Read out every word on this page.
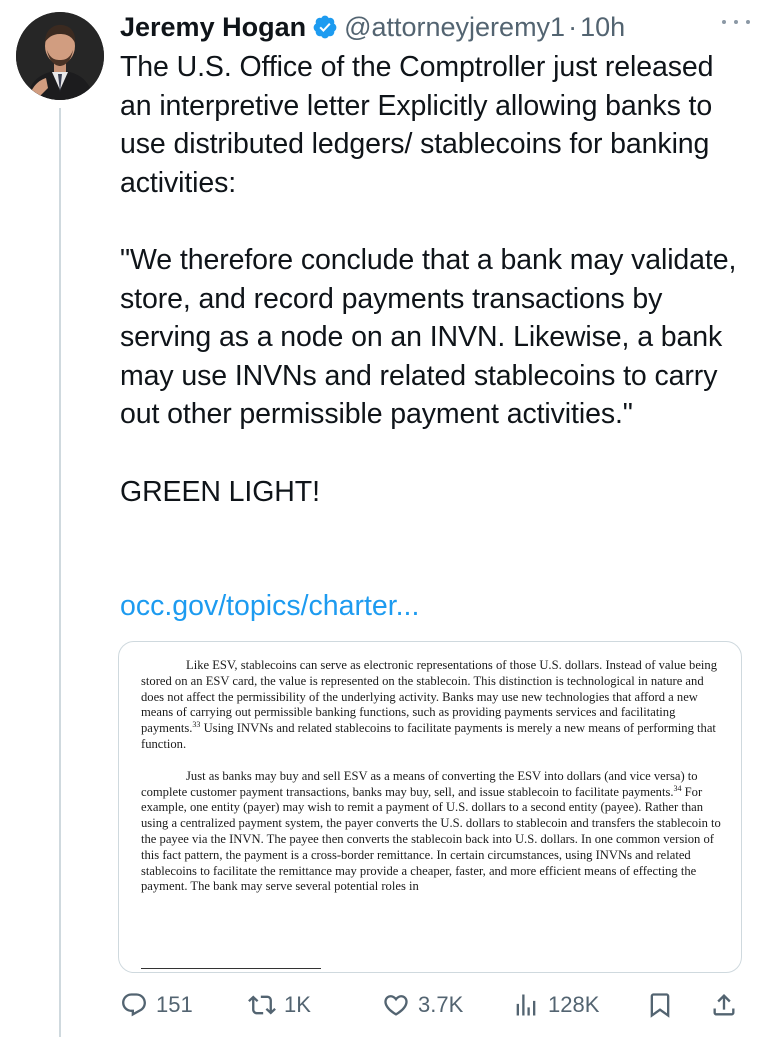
Jeremy Hogan @attorneyjeremy1 · 10h

The U.S. Office of the Comptroller just released an interpretive letter Explicitly allowing banks to use distributed ledgers/ stablecoins for banking activities:

"We therefore conclude that a bank may validate, store, and record payments transactions by serving as a node on an INVN. Likewise, a bank may use INVNs and related stablecoins to carry out other permissible payment activities."

GREEN LIGHT!

occ.gov/topics/charter...

Like ESV, stablecoins can serve as electronic representations of those U.S. dollars. Instead of value being stored on an ESV card, the value is represented on the stablecoin. This distinction is technological in nature and does not affect the permissibility of the underlying activity. Banks may use new technologies that afford a new means of carrying out permissible banking functions, such as providing payments services and facilitating payments.$^{33}$ Using INVNs and related stablecoins to facilitate payments is merely a new means of performing that function.

Just as banks may buy and sell ESV as a means of converting the ESV into dollars (and vice versa) to complete customer payment transactions, banks may buy, sell, and issue stablecoin to facilitate payments.$^{34}$ For example, one entity (payer) may wish to remit a payment of U.S. dollars to a second entity (payee). Rather than using a centralized payment system, the payer converts the U.S. dollars to stablecoin and transfers the stablecoin to the payee via the INVN. The payee then converts the stablecoin back into U.S. dollars. In one common version of this fact pattern, the payment is a cross-border remittance. In certain circumstances, using INVNs and related stablecoins to facilitate the remittance may provide a cheaper, faster, and more efficient means of effecting the payment. The bank may serve several potential roles in

151	1K	3.7K	128K
